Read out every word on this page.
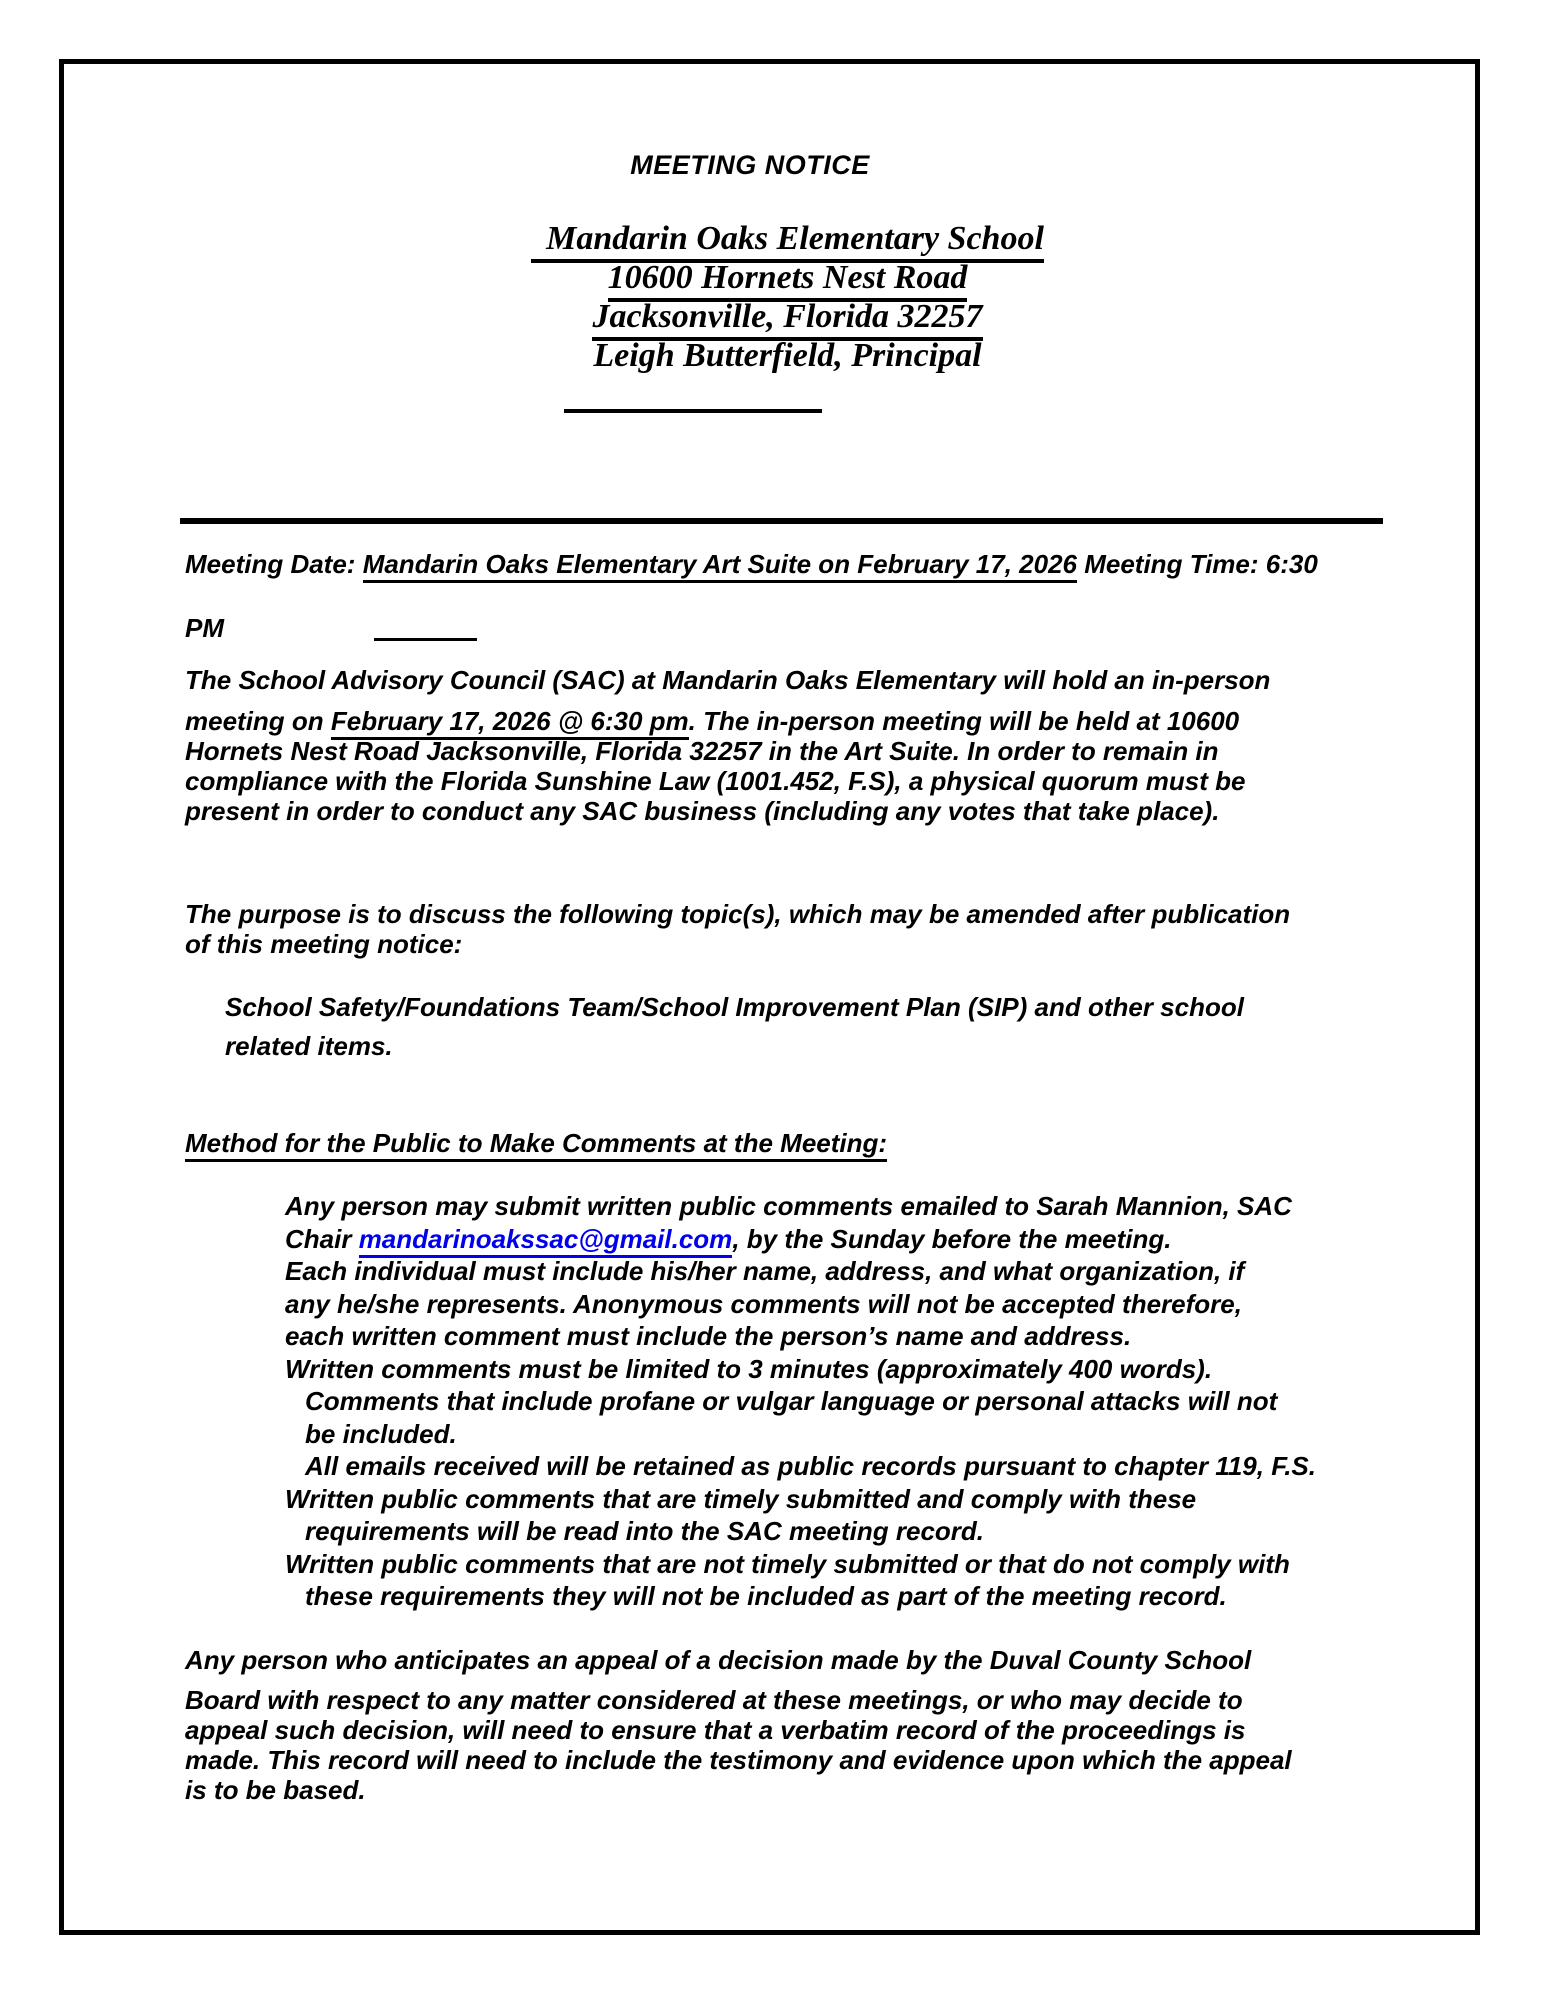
MEETING NOTICE
Mandarin Oaks Elementary School
10600 Hornets Nest Road
Jacksonville, Florida 32257
Leigh Butterfield, Principal
Meeting Date: Mandarin Oaks Elementary Art Suite on February 17, 2026 Meeting Time: 6:30
PM
The School Advisory Council (SAC) at Mandarin Oaks Elementary will hold an in-person
meeting on February 17, 2026 @ 6:30 pm. The in-person meeting will be held at 10600
Hornets Nest Road Jacksonville, Florida 32257 in the Art Suite. In order to remain in
compliance with the Florida Sunshine Law (1001.452, F.S), a physical quorum must be
present in order to conduct any SAC business (including any votes that take place).
The purpose is to discuss the following topic(s), which may be amended after publication
of this meeting notice:
School Safety/Foundations Team/School Improvement Plan (SIP) and other school
related items.
Method for the Public to Make Comments at the Meeting:
Any person may submit written public comments emailed to Sarah Mannion, SAC
Chair mandarinoakssac@gmail.com, by the Sunday before the meeting.
Each individual must include his/her name, address, and what organization, if
any he/she represents. Anonymous comments will not be accepted therefore,
each written comment must include the person’s name and address.
Written comments must be limited to 3 minutes (approximately 400 words).
Comments that include profane or vulgar language or personal attacks will not
be included.
All emails received will be retained as public records pursuant to chapter 119, F.S.
Written public comments that are timely submitted and comply with these
requirements will be read into the SAC meeting record.
Written public comments that are not timely submitted or that do not comply with
these requirements they will not be included as part of the meeting record.
Any person who anticipates an appeal of a decision made by the Duval County School
Board with respect to any matter considered at these meetings, or who may decide to
appeal such decision, will need to ensure that a verbatim record of the proceedings is
made. This record will need to include the testimony and evidence upon which the appeal
is to be based.
